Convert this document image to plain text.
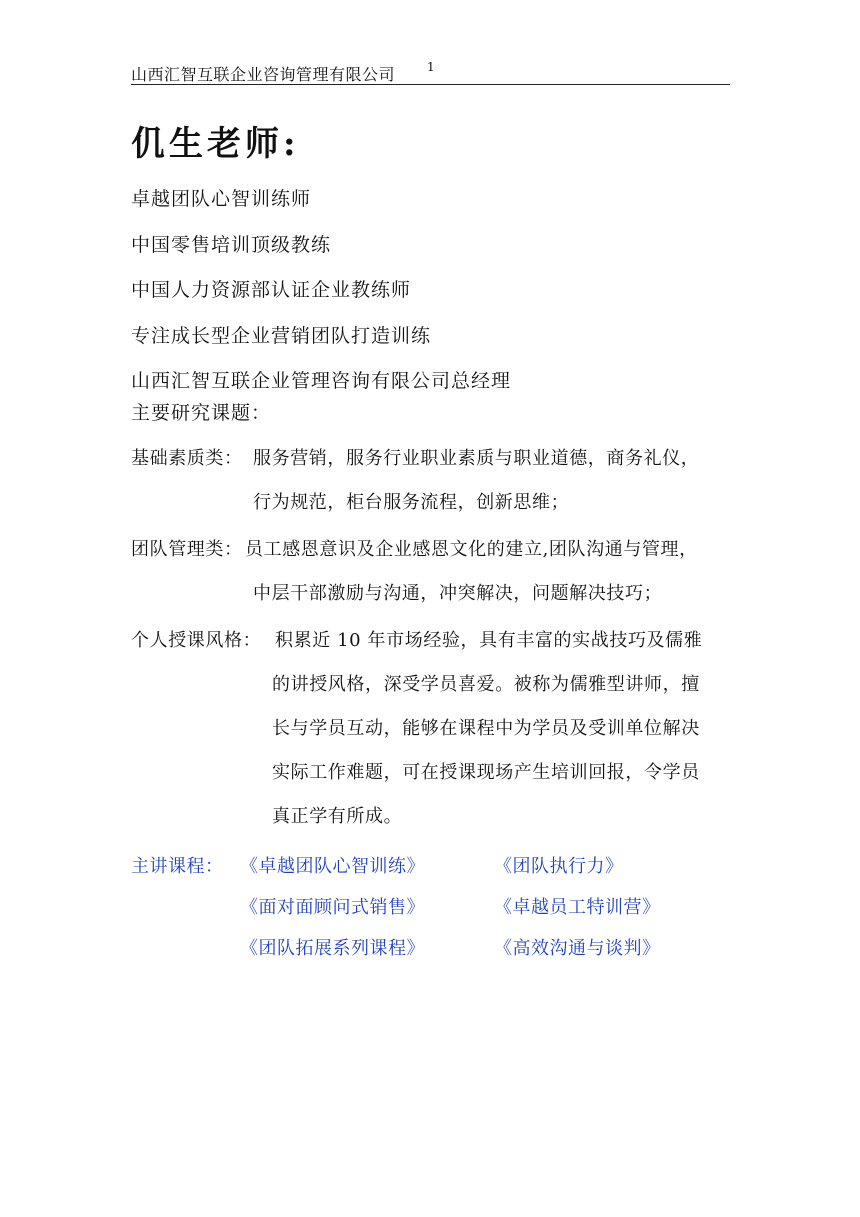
山西汇智互联企业咨询管理有限公司	1
仉生老师:
卓越团队心智训练师
中国零售培训顶级教练
中国人力资源部认证企业教练师
专注成长型企业营销团队打造训练
山西汇智互联企业管理咨询有限公司总经理
主要研究课题：
基础素质类： 服务营销，服务行业职业素质与职业道德，商务礼仪，
行为规范，柜台服务流程，创新思维；
团队管理类： 员工感恩意识及企业感恩文化的建立,团队沟通与管理，
中层干部激励与沟通，冲突解决，问题解决技巧；
个人授课风格： 积累近 10 年市场经验，具有丰富的实战技巧及儒雅
的讲授风格，深受学员喜爱。被称为儒雅型讲师，擅
长与学员互动，能够在课程中为学员及受训单位解决
实际工作难题，可在授课现场产生培训回报，令学员
真正学有所成。
主讲课程： 《卓越团队心智训练》	《团队执行力》
《面对面顾问式销售》	《卓越员工特训营》
《团队拓展系列课程》	《高效沟通与谈判》
